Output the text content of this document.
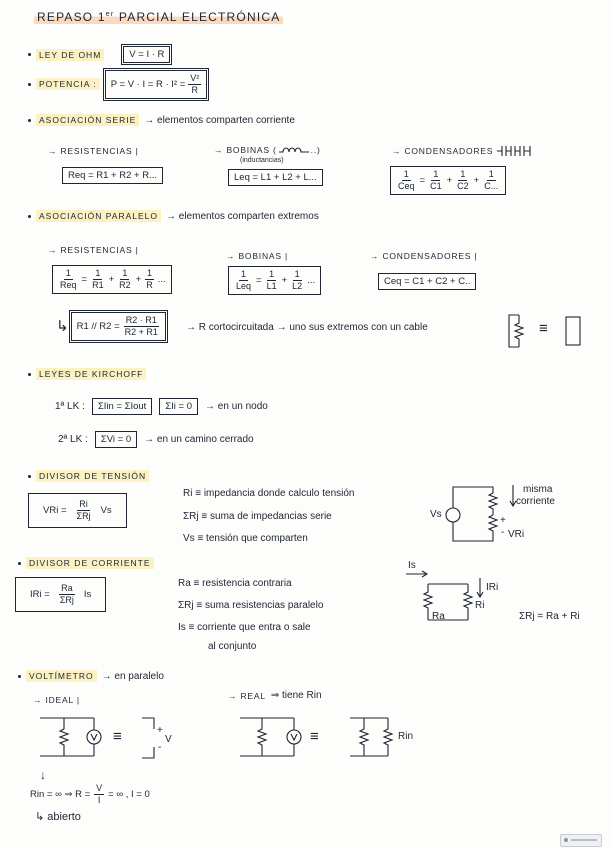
REPASO 1er PARCIAL ELECTRÓNICA
LEY DE OHM	V = I · R
POTENCIA :	$P = V \cdot I = R \cdot I^2 = \frac{\text{V²}}{R}$
ASOCIACIÓN SERIE → elementos comparten corriente
→ RESISTENCIAS |
Req = R1 + R2 + R...
→ BOBINAS (	..)
(inductancias)
Leq = L1 + L2 + L...
→ CONDENSADORES
$\frac{1}{\text{Ceq}} = \frac{1}{C1} + \frac{1}{C2} + \frac{1}{C...}$
ASOCIACIÓN PARALELO → elementos comparten extremos
→ RESISTENCIAS |
$\frac{1}{\text{Req}} = \frac{1}{R1} + \frac{1}{R2} + \frac{1}{R}$ ...
→ BOBINAS |
$\frac{1}{\text{Leq}} = \frac{1}{L1} + \frac{1}{L2}$ ...
→ CONDENSADORES |
Ceq = C1 + C2 + C..
↳ $R1 // R2 = \frac{R2 \cdot R1}{R2 + R1}$	→ R cortocircuitada → uno sus extremos con un cable	≡
LEYES DE KIRCHOFF
1ª LK :	ΣIin = ΣIout	ΣIi = 0	→ en un nodo
2ª LK :	ΣVi = 0	→ en un camino cerrado
DIVISOR DE TENSIÓN
VRi = $\frac{Ri}{\text{ΣRj}}$ Vs
Ri ≡ impedancia donde calculo tensión
ΣRj ≡ suma de impedancias serie
Vs ≡ tensión que comparten
Vs
misma
corriente
+
- VRi
DIVISOR DE CORRIENTE
IRi = $\frac{Ra}{\text{ΣRj}}$ Is
Ra ≡ resistencia contraria
ΣRj ≡ suma resistencias paralelo
Is ≡ corriente que entra o sale
al conjunto
Is
IRi
Ra
Ri
ΣRj = Ra + Ri
VOLTÍMETRO → en paralelo
→ IDEAL |	→ REAL ⇒ tiene Rin
≡	+
V
-
≡	Rin
↓
Rin = ∞ ⇒ $R = \frac{V}{I}$ = ∞ , I = 0
↳ abierto
